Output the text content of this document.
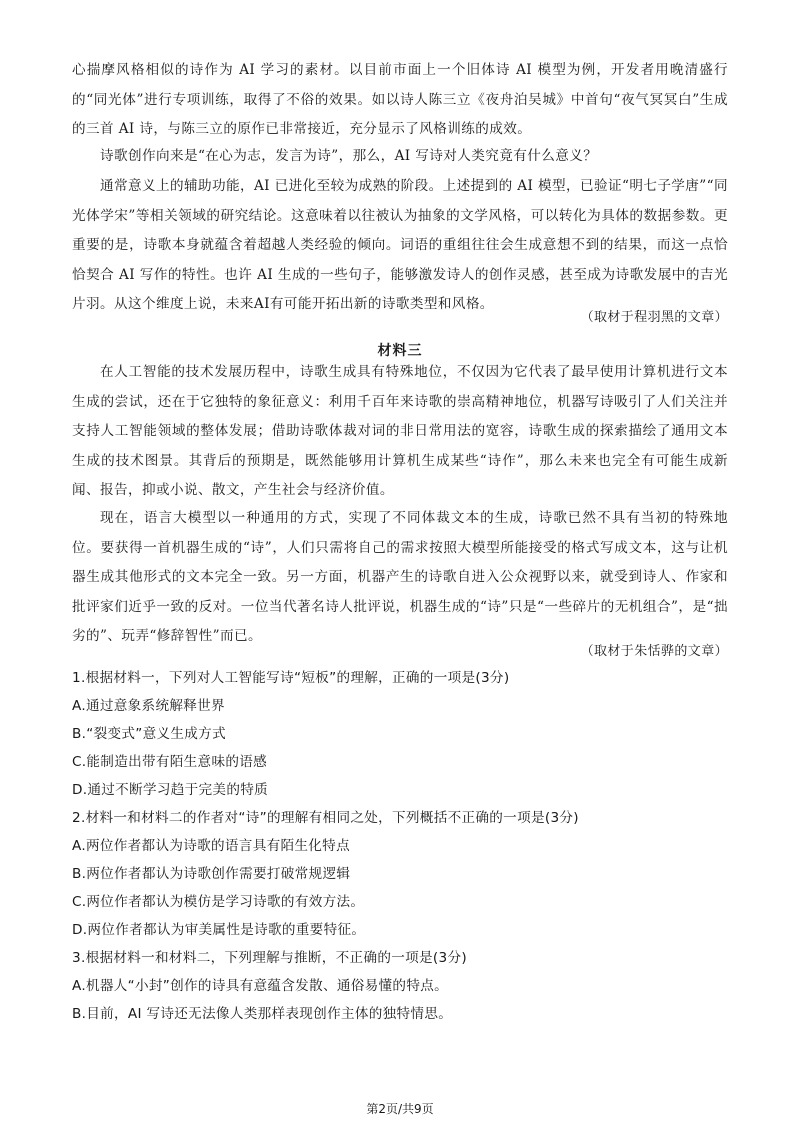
心揣摩风格相似的诗作为 AI 学习的素材。以目前市面上一个旧体诗 AI 模型为例，开发者用晚清盛行的“同光体”进行专项训练，取得了不俗的效果。如以诗人陈三立《夜舟泊吴城》中首句“夜气冥冥白”生成的三首 AI 诗，与陈三立的原作已非常接近，充分显示了风格训练的成效。
诗歌创作向来是“在心为志，发言为诗”，那么，AI 写诗对人类究竟有什么意义？
通常意义上的辅助功能，AI 已进化至较为成熟的阶段。上述提到的 AI 模型，已验证“明七子学唐”“同光体学宋”等相关领域的研究结论。这意味着以往被认为抽象的文学风格，可以转化为具体的数据参数。更重要的是，诗歌本身就蕴含着超越人类经验的倾向。词语的重组往往会生成意想不到的结果，而这一点恰恰契合 AI 写作的特性。也许 AI 生成的一些句子，能够激发诗人的创作灵感，甚至成为诗歌发展中的吉光片羽。从这个维度上说，未来AI有可能开拓出新的诗歌类型和风格。
（取材于程羽黑的文章）
材料三
在人工智能的技术发展历程中，诗歌生成具有特殊地位，不仅因为它代表了最早使用计算机进行文本生成的尝试，还在于它独特的象征意义：利用千百年来诗歌的崇高精神地位，机器写诗吸引了人们关注并支持人工智能领域的整体发展；借助诗歌体裁对词的非日常用法的宽容，诗歌生成的探索描绘了通用文本生成的技术图景。其背后的预期是，既然能够用计算机生成某些“诗作”，那么未来也完全有可能生成新闻、报告，抑或小说、散文，产生社会与经济价值。
现在，语言大模型以一种通用的方式，实现了不同体裁文本的生成，诗歌已然不具有当初的特殊地位。要获得一首机器生成的“诗”，人们只需将自己的需求按照大模型所能接受的格式写成文本，这与让机器生成其他形式的文本完全一致。另一方面，机器产生的诗歌自进入公众视野以来，就受到诗人、作家和批评家们近乎一致的反对。一位当代著名诗人批评说，机器生成的“诗”只是“一些碎片的无机组合”，是“拙劣的”、玩弄“修辞智性”而已。
（取材于朱恬骅的文章）
1.根据材料一，下列对人工智能写诗“短板”的理解，正确的一项是(3分)
A.通过意象系统解释世界
B.“裂变式”意义生成方式
C.能制造出带有陌生意味的语感
D.通过不断学习趋于完美的特质
2.材料一和材料二的作者对“诗”的理解有相同之处，下列概括不正确的一项是(3分)
A.两位作者都认为诗歌的语言具有陌生化特点
B.两位作者都认为诗歌创作需要打破常规逻辑
C.两位作者都认为模仿是学习诗歌的有效方法。
D.两位作者都认为审美属性是诗歌的重要特征。
3.根据材料一和材料二，下列理解与推断，不正确的一项是(3分)
A.机器人“小封”创作的诗具有意蕴含发散、通俗易懂的特点。
B.目前，AI 写诗还无法像人类那样表现创作主体的独特情思。
第2页/共9页
